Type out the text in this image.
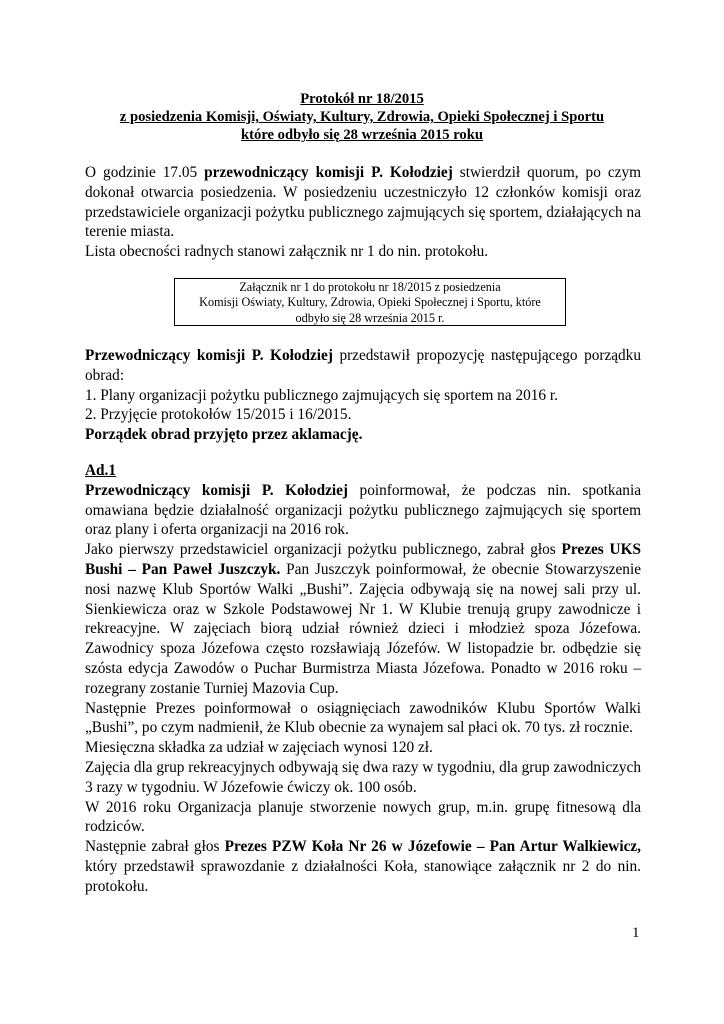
Protokół nr 18/2015
z posiedzenia Komisji, Oświaty, Kultury, Zdrowia, Opieki Społecznej i Sportu
które odbyło się 28 września 2015 roku

O godzinie 17.05 przewodniczący komisji P. Kołodziej stwierdził quorum, po czym dokonał otwarcia posiedzenia. W posiedzeniu uczestniczyło 12 członków komisji oraz przedstawiciele organizacji pożytku publicznego zajmujących się sportem, działających na terenie miasta.

Lista obecności radnych stanowi załącznik nr 1 do nin. protokołu.

Załącznik nr 1 do protokołu nr 18/2015 z posiedzenia
Komisji Oświaty, Kultury, Zdrowia, Opieki Społecznej i Sportu, które
odbyło się 28 września 2015 r.

Przewodniczący komisji P. Kołodziej przedstawił propozycję następującego porządku obrad:

1. Plany organizacji pożytku publicznego zajmujących się sportem na 2016 r.

2. Przyjęcie protokołów 15/2015 i 16/2015.

Porządek obrad przyjęto przez aklamację.

Ad.1

Przewodniczący komisji P. Kołodziej poinformował, że podczas nin. spotkania omawiana będzie działalność organizacji pożytku publicznego zajmujących się sportem oraz plany i oferta organizacji na 2016 rok.

Jako pierwszy przedstawiciel organizacji pożytku publicznego, zabrał głos Prezes UKS Bushi – Pan Paweł Juszczyk. Pan Juszczyk poinformował, że obecnie Stowarzyszenie nosi nazwę Klub Sportów Walki „Bushi”. Zajęcia odbywają się na nowej sali przy ul. Sienkiewicza oraz w Szkole Podstawowej Nr 1. W Klubie trenują grupy zawodnicze i rekreacyjne. W zajęciach biorą udział również dzieci i młodzież spoza Józefowa. Zawodnicy spoza Józefowa często rozsławiają Józefów. W listopadzie br. odbędzie się szósta edycja Zawodów o Puchar Burmistrza Miasta Józefowa. Ponadto w 2016 roku – rozegrany zostanie Turniej Mazovia Cup.

Następnie Prezes poinformował o osiągnięciach zawodników Klubu Sportów Walki „Bushi”, po czym nadmienił, że Klub obecnie za wynajem sal płaci ok. 70 tys. zł rocznie.

Miesięczna składka za udział w zajęciach wynosi 120 zł.

Zajęcia dla grup rekreacyjnych odbywają się dwa razy w tygodniu, dla grup zawodniczych 3 razy w tygodniu. W Józefowie ćwiczy ok. 100 osób.

W 2016 roku Organizacja planuje stworzenie nowych grup, m.in. grupę fitnesową dla rodziców.

Następnie zabrał głos Prezes PZW Koła Nr 26 w Józefowie – Pan Artur Walkiewicz, który przedstawił sprawozdanie z działalności Koła, stanowiące załącznik nr 2 do nin. protokołu.

1
